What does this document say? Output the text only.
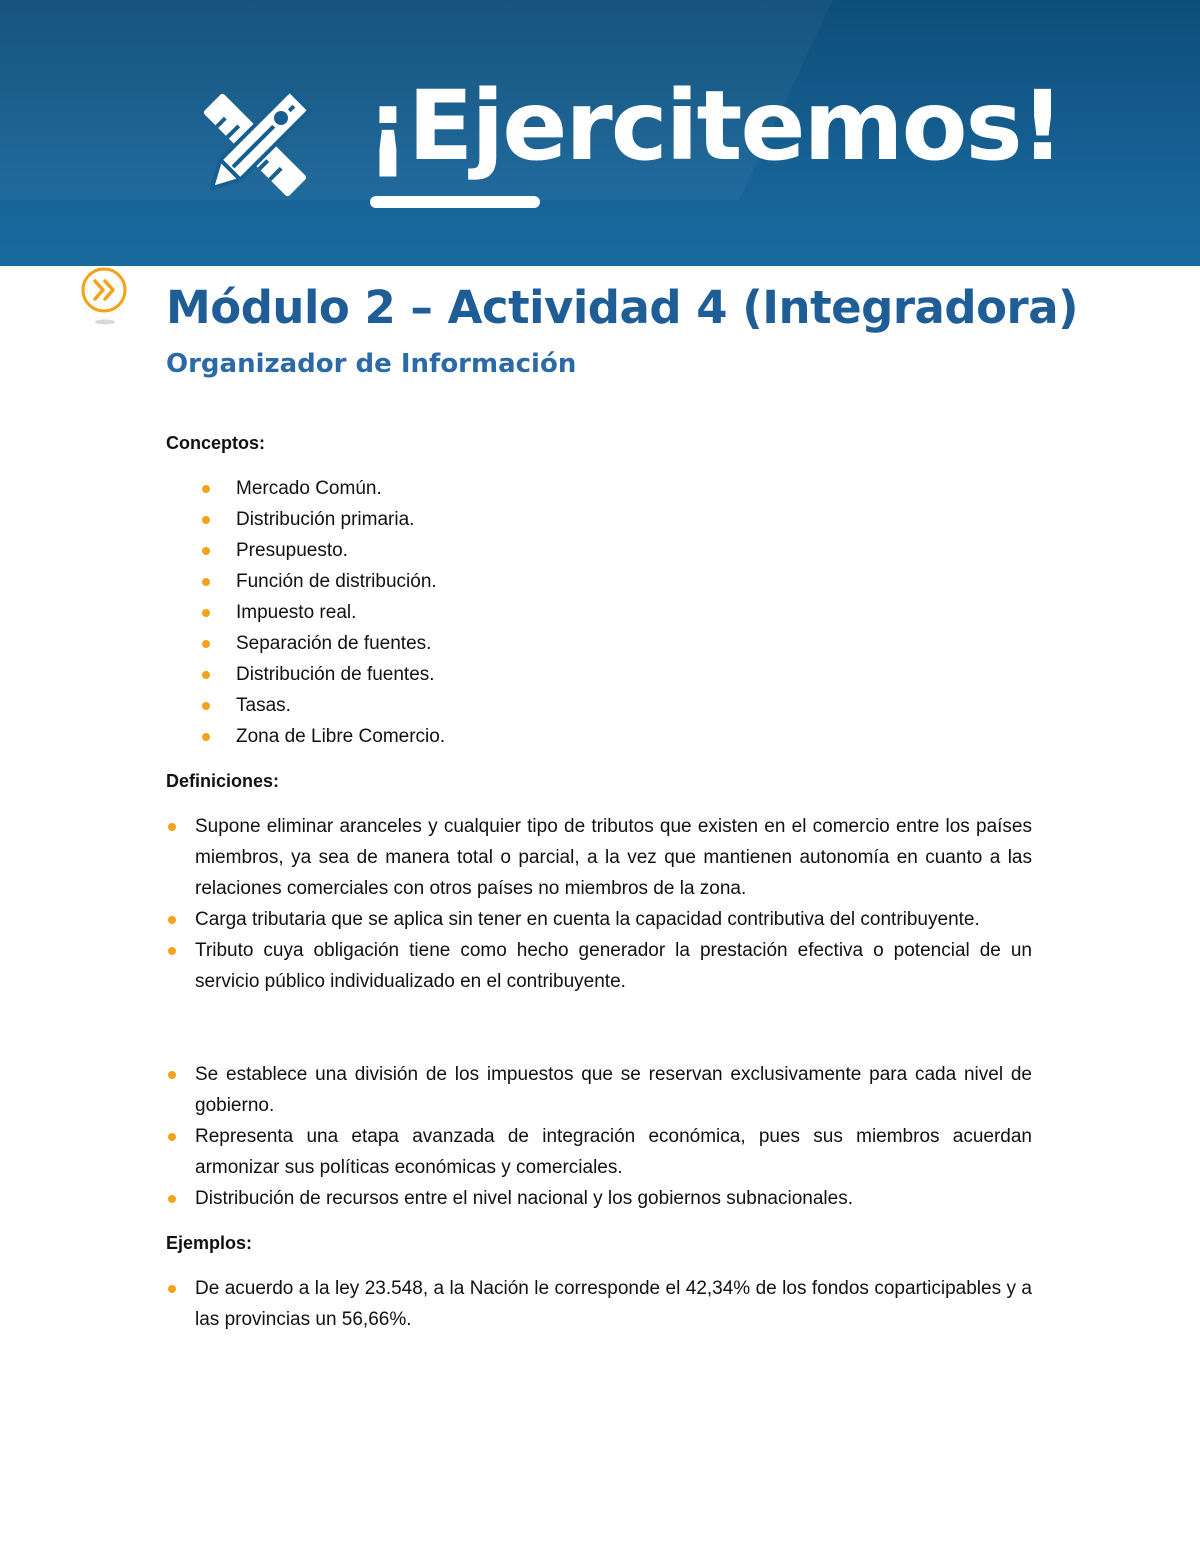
¡Ejercitemos!
Módulo 2 – Actividad 4 (Integradora)
Organizador de Información

Conceptos:

Mercado Común.
Distribución primaria.
Presupuesto.
Función de distribución.
Impuesto real.
Separación de fuentes.
Distribución de fuentes.
Tasas.
Zona de Libre Comercio.

Definiciones:

Supone eliminar aranceles y cualquier tipo de tributos que existen en el comercio entre los países miembros, ya sea de manera total o parcial, a la vez que mantienen autonomía en cuanto a las relaciones comerciales con otros países no miembros de la zona.
Carga tributaria que se aplica sin tener en cuenta la capacidad contributiva del contribuyente.
Tributo cuya obligación tiene como hecho generador la prestación efectiva o potencial de un servicio público individualizado en el contribuyente.
Se establece una división de los impuestos que se reservan exclusivamente para cada nivel de gobierno.
Representa una etapa avanzada de integración económica, pues sus miembros acuerdan armonizar sus políticas económicas y comerciales.
Distribución de recursos entre el nivel nacional y los gobiernos subnacionales.

Ejemplos:

De acuerdo a la ley 23.548, a la Nación le corresponde el 42,34% de los fondos coparticipables y a las provincias un 56,66%.
